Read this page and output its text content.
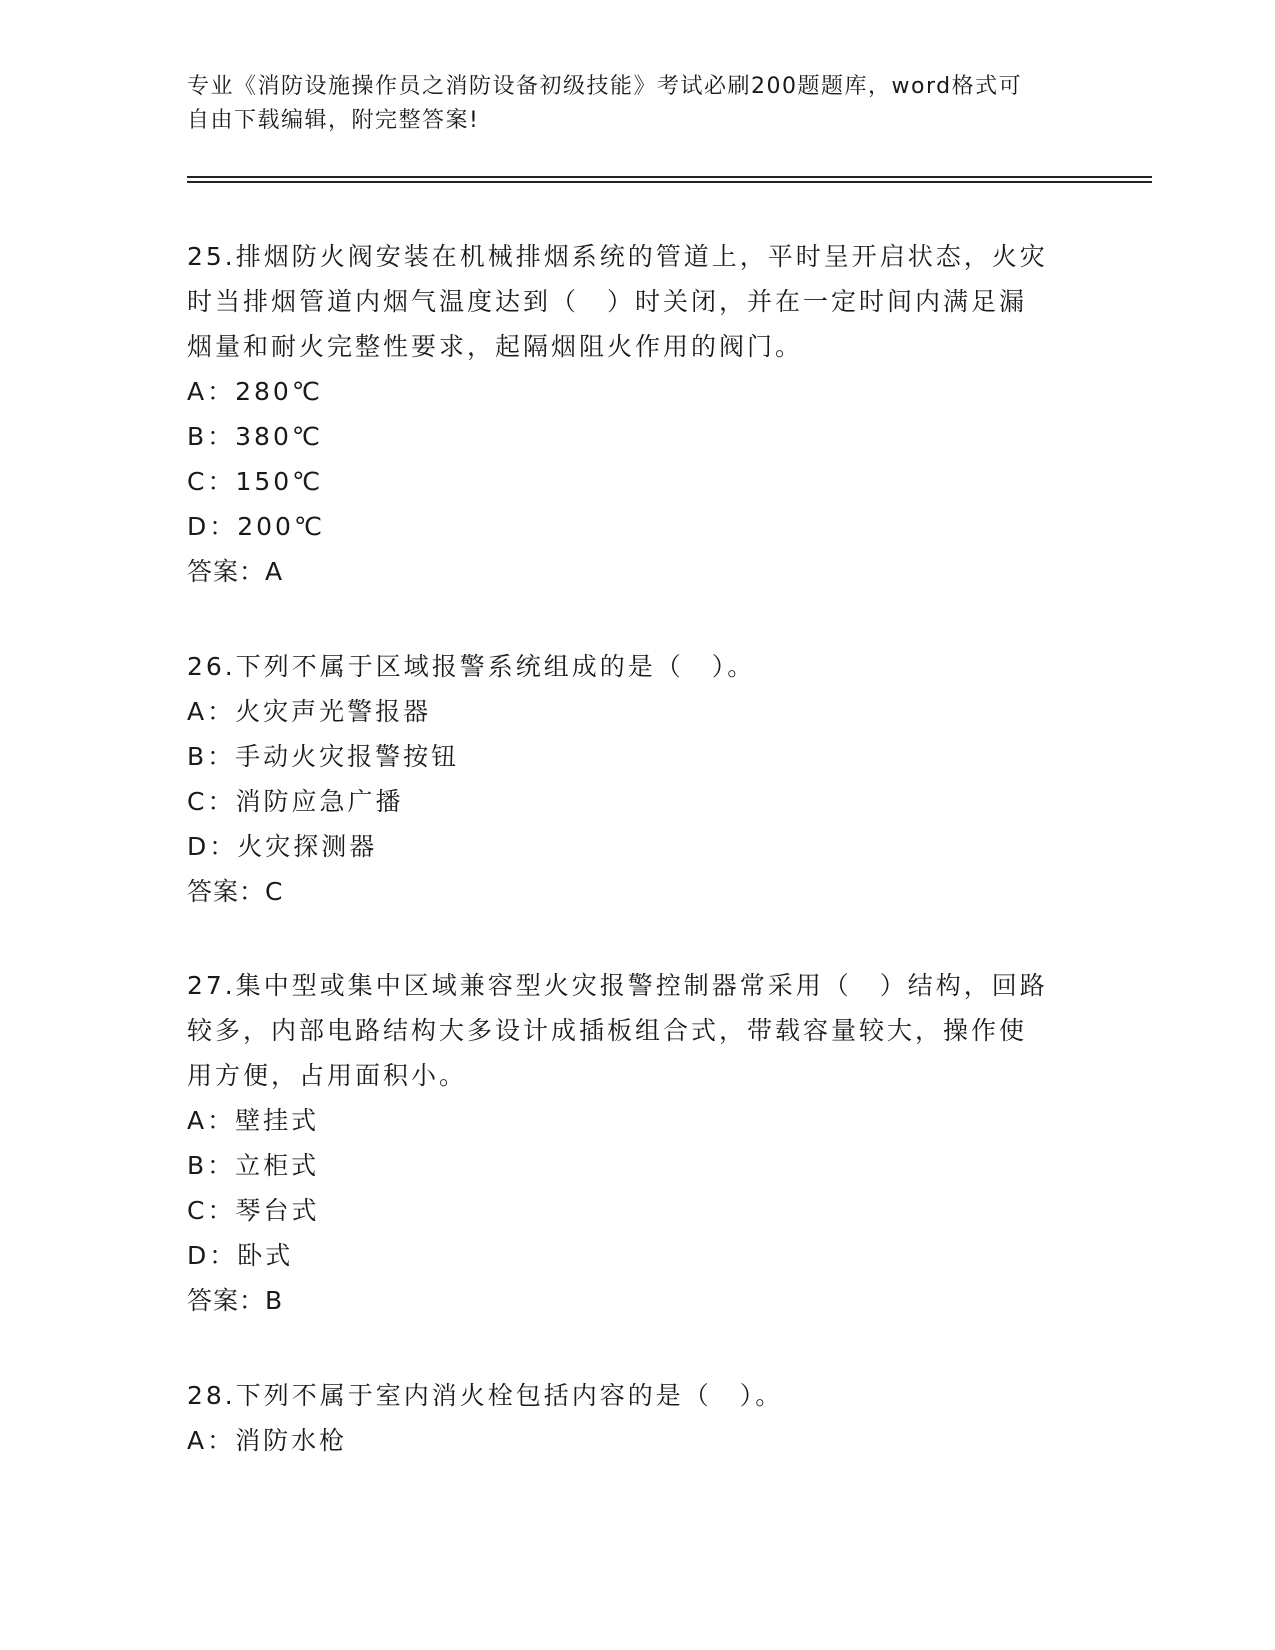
专业《消防设施操作员之消防设备初级技能》考试必刷200题题库，word格式可
自由下载编辑，附完整答案!
25.排烟防火阀安装在机械排烟系统的管道上，平时呈开启状态，火灾
时当排烟管道内烟气温度达到（　）时关闭，并在一定时间内满足漏
烟量和耐火完整性要求，起隔烟阻火作用的阀门。
A：280℃
B：380℃
C：150℃
D：200℃
答案：A
26.下列不属于区域报警系统组成的是（　）。
A：火灾声光警报器
B：手动火灾报警按钮
C：消防应急广播
D：火灾探测器
答案：C
27.集中型或集中区域兼容型火灾报警控制器常采用（　）结构，回路
较多，内部电路结构大多设计成插板组合式，带载容量较大，操作使
用方便，占用面积小。
A：壁挂式
B：立柜式
C：琴台式
D：卧式
答案：B
28.下列不属于室内消火栓包括内容的是（　）。
A：消防水枪
